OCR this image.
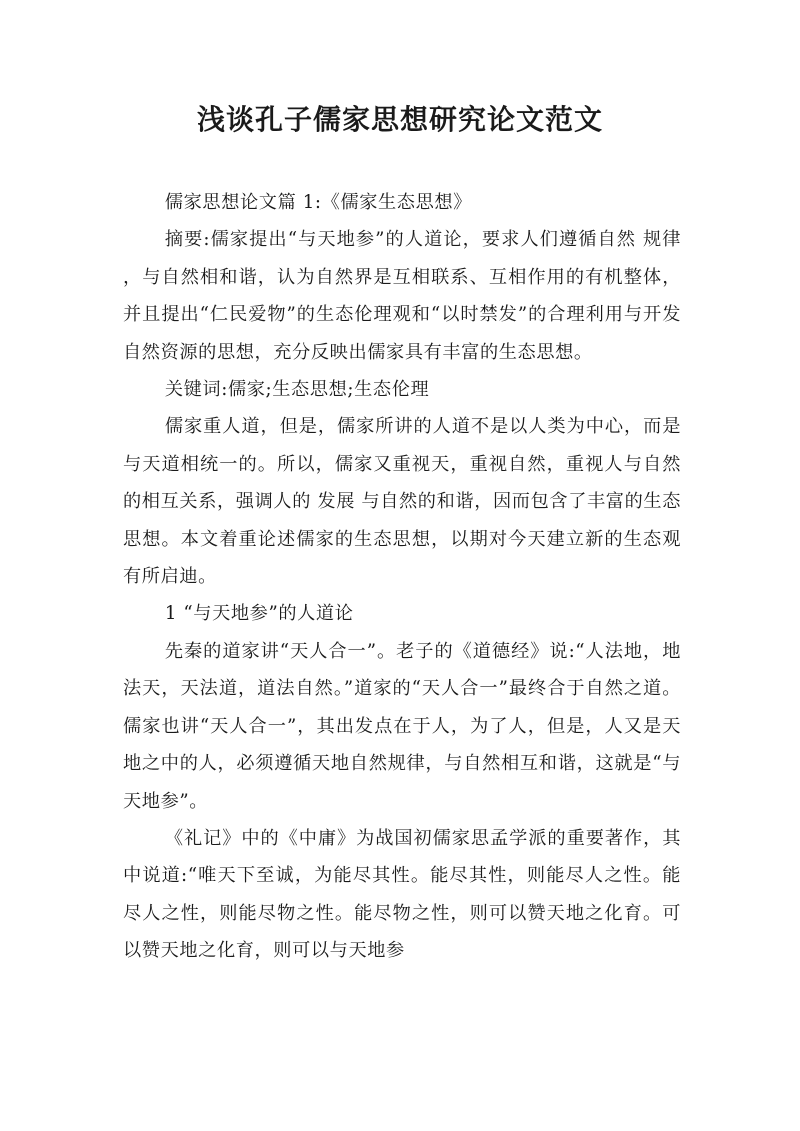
浅谈孔子儒家思想研究论文范文

儒家思想论文篇 1:《儒家生态思想》

摘要:儒家提出“与天地参”的人道论，要求人们遵循自然 规律 ，与自然相和谐，认为自然界是互相联系、互相作用的有机整体，并且提出“仁民爱物”的生态伦理观和“以时禁发”的合理利用与开发自然资源的思想，充分反映出儒家具有丰富的生态思想。

关键词:儒家;生态思想;生态伦理

儒家重人道，但是，儒家所讲的人道不是以人类为中心，而是与天道相统一的。所以，儒家又重视天，重视自然，重视人与自然的相互关系，强调人的 发展 与自然的和谐，因而包含了丰富的生态思想。本文着重论述儒家的生态思想，以期对今天建立新的生态观有所启迪。

1 “与天地参”的人道论

先秦的道家讲“天人合一”。老子的《道德经》说:“人法地，地法天，天法道，道法自然。”道家的“天人合一”最终合于自然之道。儒家也讲“天人合一”，其出发点在于人，为了人，但是，人又是天地之中的人，必须遵循天地自然规律，与自然相互和谐，这就是“与天地参”。

《礼记》中的《中庸》为战国初儒家思孟学派的重要著作，其中说道:“唯天下至诚，为能尽其性。能尽其性，则能尽人之性。能尽人之性，则能尽物之性。能尽物之性，则可以赞天地之化育。可以赞天地之化育，则可以与天地参
